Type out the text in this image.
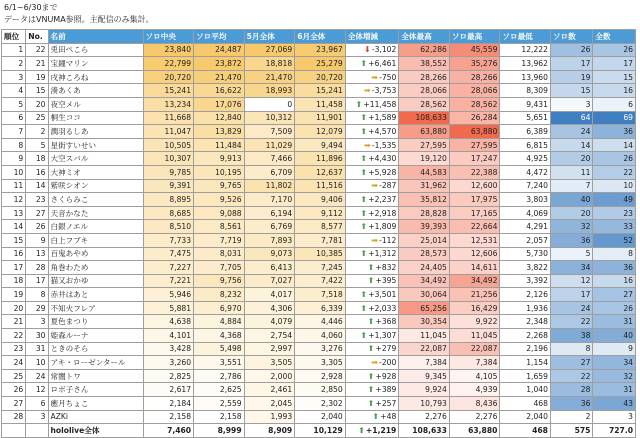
6/1~6/30まで
データはVNUMA参照。主配信のみ集計。
順位	No.	名前	ソロ中央	ソロ平均	5月全体	6月全体	全体増減	全体最高	ソロ最高	ソロ最低	ソロ数	全数
1	22	兎田ぺこら	23,840	24,487	27,069	23,967	⬇-3,102	62,286	45,559	12,222	26	26
2	21	宝鐘マリン	22,799	23,872	18,818	25,279	⬆+6,461	38,552	35,276	13,962	17	17
3	19	戌神ころね	20,720	21,470	21,470	20,720	➡-750	28,266	28,266	13,960	19	15
4	15	湊あくあ	15,241	16,622	18,993	15,241	➡-3,753	28,066	28,066	8,309	15	16
5	20	夜空メル	13,234	17,076	0	11,458	⬆+11,458	28,562	28,562	9,431	3	6
6	25	桐生ココ	11,668	12,840	10,312	11,901	⬆+1,589	108,633	26,284	5,651	64	69
7	2	潤羽るしあ	11,047	13,829	7,509	12,079	⬆+4,570	63,880	63,880	6,389	24	36
8	5	星街すいせい	10,505	11,484	11,029	9,494	➡-1,535	27,595	27,595	6,815	14	14
9	18	大空スバル	10,307	9,913	7,466	11,896	⬆+4,430	19,120	17,247	4,925	20	26
10	16	大神ミオ	9,785	10,195	6,709	12,637	⬆+5,928	44,583	22,388	4,472	11	22
11	14	紫咲シオン	9,391	9,765	11,802	11,516	➡-287	31,962	12,600	7,240	7	10
12	23	さくらみこ	8,895	9,526	7,170	9,406	⬆+2,237	35,812	17,975	3,803	40	49
13	27	天音かなた	8,685	9,088	6,194	9,112	⬆+2,918	28,828	17,165	4,069	20	23
14	26	白銀ノエル	8,510	8,561	6,769	8,577	⬆+1,809	39,393	22,664	4,291	32	33
15	9	白上フブキ	7,733	7,719	7,893	7,781	➡-112	25,014	12,531	2,057	36	52
16	13	百鬼あやめ	7,475	8,031	9,073	10,385	⬆+1,312	28,573	12,606	5,730	5	8
17	28	角巻わため	7,227	7,705	6,413	7,245	⬆+832	24,405	14,611	3,822	34	36
18	17	猫又おかゆ	7,221	9,756	7,027	7,422	⬆+395	34,492	34,492	3,392	12	16
19	8	赤井はあと	5,946	8,232	4,017	7,518	⬆+3,501	30,064	21,256	2,126	17	27
20	29	不知火フレア	5,881	6,970	4,306	6,339	⬆+2,033	65,256	16,429	1,936	24	26
21	3	夏色まつり	4,638	4,884	4,079	4,446	⬆+368	30,354	9,922	2,348	22	31
22	30	姫森ルーナ	4,101	4,368	2,754	4,060	⬆+1,307	11,045	11,045	2,268	38	40
23	31	ときのそら	3,428	5,498	2,997	3,276	⬆+279	22,087	22,087	2,196	8	9
24	10	アキ・ローゼンタール	3,260	3,551	3,505	3,305	➡-200	7,384	7,384	1,154	27	34
25	24	常闇トワ	2,825	2,786	2,000	2,928	⬆+928	9,345	4,105	1,659	22	32
26	12	ロボ子さん	2,617	2,625	2,461	2,850	⬆+389	9,924	4,939	1,040	28	31
27	6	癒月ちょこ	2,184	2,559	2,045	2,302	⬆+257	10,793	8,436	468	36	43
28	3	AZKi	2,158	2,158	1,993	2,040	⬆+48	2,276	2,276	2,040	2	3
		hololive全体	7,460	8,999	8,909	10,129	⬆+1,219	108,633	63,880	468	575	727.0
